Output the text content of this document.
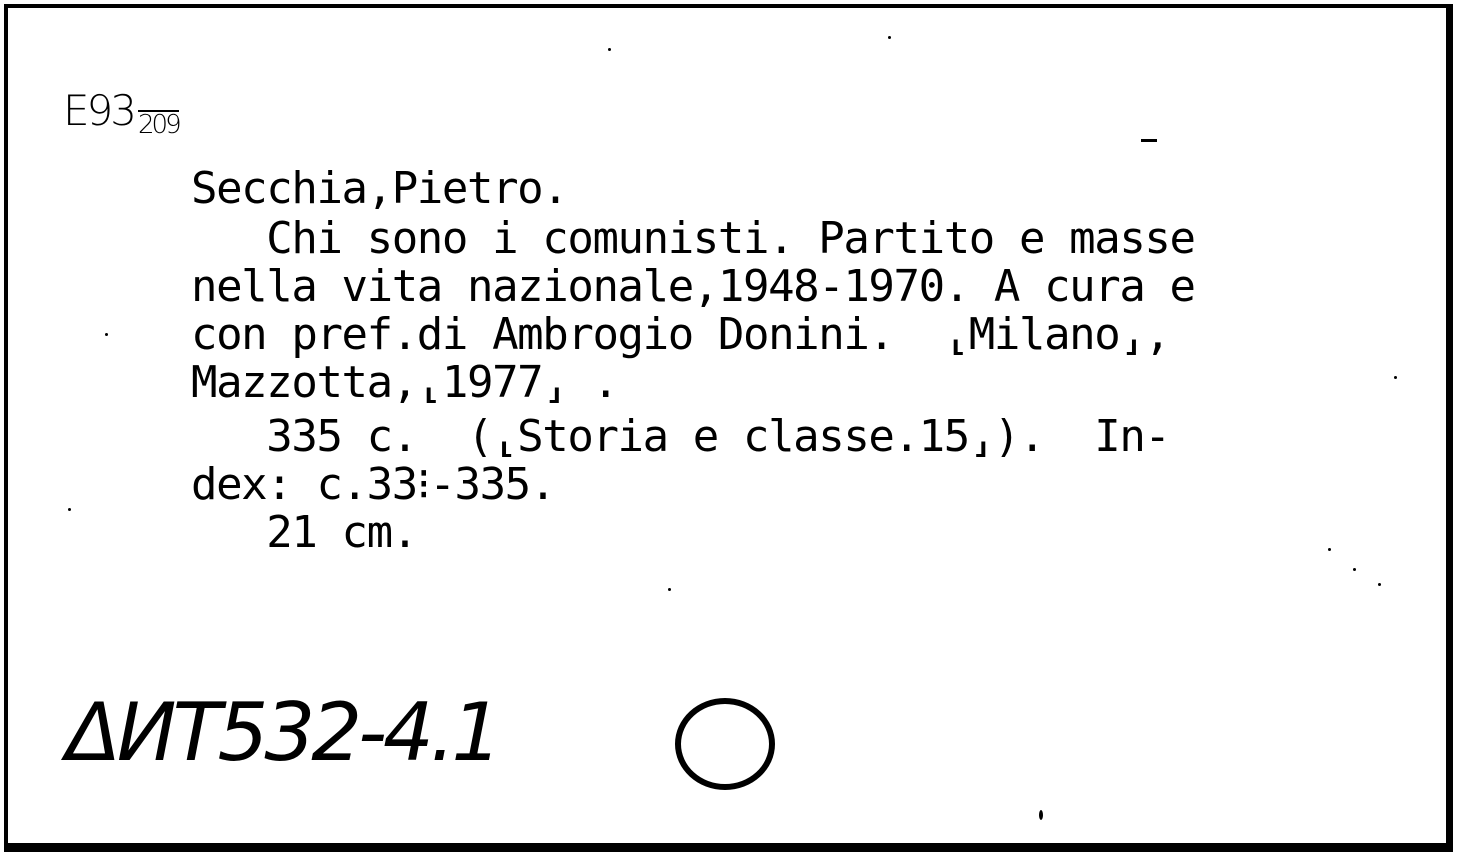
E93 209
Secchia,Pietro.
Chi sono i comunisti. Partito e masse
nella vita nazionale,1948-1970. A cura e
con pref.di Ambrogio Donini.  ⸤Milano⸥,
Mazzotta,⸤1977⸥ .
335 c.  (⸤Storia e classe.15⸥).  In-
dex: c.33⁝-335.
21 cm.
ΔИТ532-4.1
